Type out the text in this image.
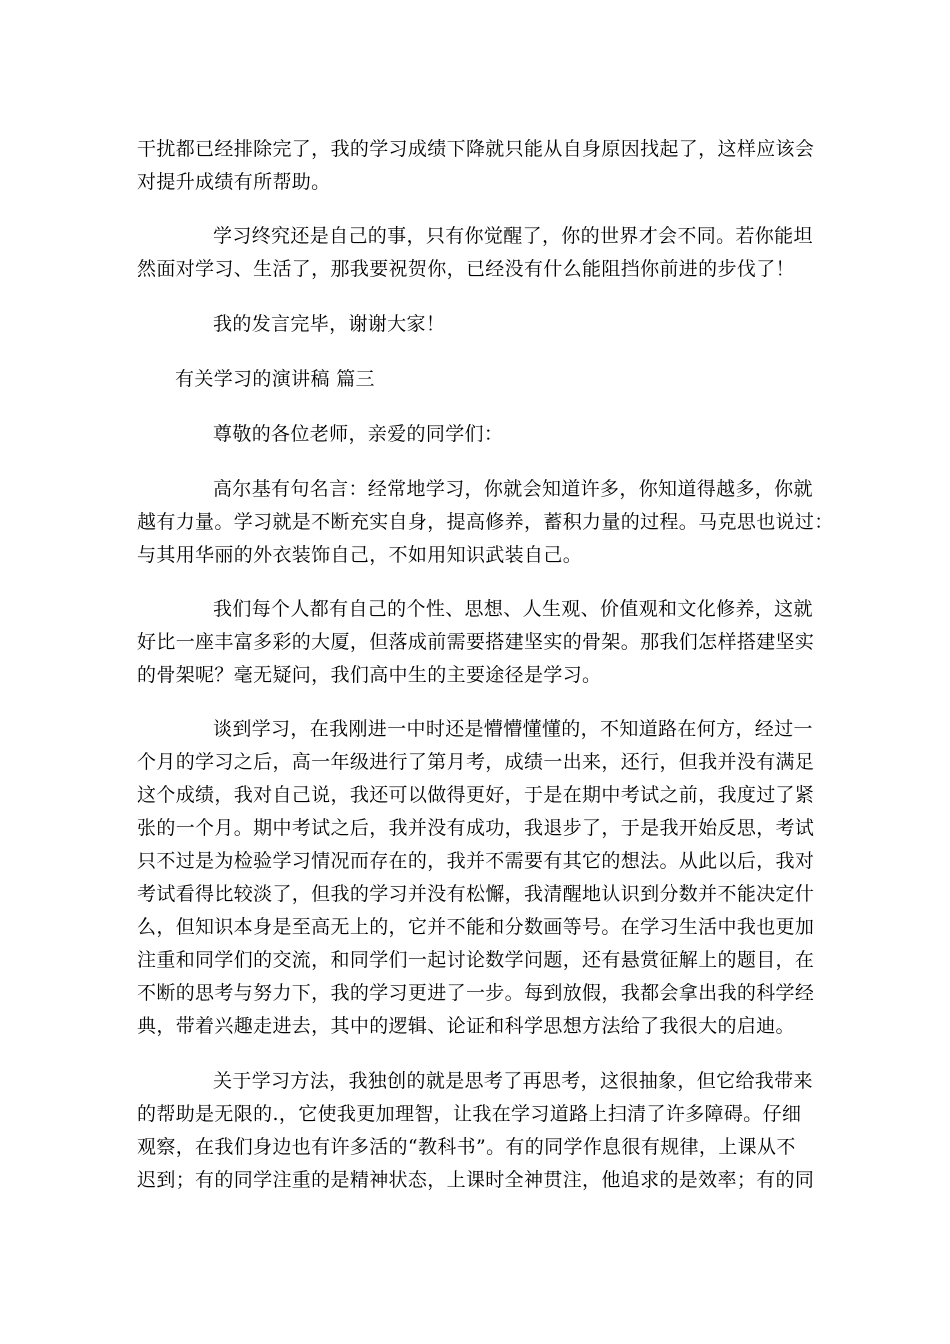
干扰都已经排除完了，我的学习成绩下降就只能从自身原因找起了，这样应该会
对提升成绩有所帮助。
学习终究还是自己的事，只有你觉醒了，你的世界才会不同。若你能坦
然面对学习、生活了，那我要祝贺你，已经没有什么能阻挡你前进的步伐了！
我的发言完毕，谢谢大家！
有关学习的演讲稿 篇三
尊敬的各位老师，亲爱的同学们：
高尔基有句名言：经常地学习，你就会知道许多，你知道得越多，你就
越有力量。学习就是不断充实自身，提高修养，蓄积力量的过程。马克思也说过：
与其用华丽的外衣装饰自己，不如用知识武装自己。
我们每个人都有自己的个性、思想、人生观、价值观和文化修养，这就
好比一座丰富多彩的大厦，但落成前需要搭建坚实的骨架。那我们怎样搭建坚实
的骨架呢？毫无疑问，我们高中生的主要途径是学习。
谈到学习，在我刚进一中时还是懵懵懂懂的，不知道路在何方，经过一
个月的学习之后，高一年级进行了第月考，成绩一出来，还行，但我并没有满足
这个成绩，我对自己说，我还可以做得更好，于是在期中考试之前，我度过了紧
张的一个月。期中考试之后，我并没有成功，我退步了，于是我开始反思，考试
只不过是为检验学习情况而存在的，我并不需要有其它的想法。从此以后，我对
考试看得比较淡了，但我的学习并没有松懈，我清醒地认识到分数并不能决定什
么，但知识本身是至高无上的，它并不能和分数画等号。在学习生活中我也更加
注重和同学们的交流，和同学们一起讨论数学问题，还有悬赏征解上的题目，在
不断的思考与努力下，我的学习更进了一步。每到放假，我都会拿出我的科学经
典，带着兴趣走进去，其中的逻辑、论证和科学思想方法给了我很大的启迪。
关于学习方法，我独创的就是思考了再思考，这很抽象，但它给我带来
的帮助是无限的.，它使我更加理智，让我在学习道路上扫清了许多障碍。仔细
观察，在我们身边也有许多活的“教科书”。有的同学作息很有规律，上课从不
迟到；有的同学注重的是精神状态，上课时全神贯注，他追求的是效率；有的同
